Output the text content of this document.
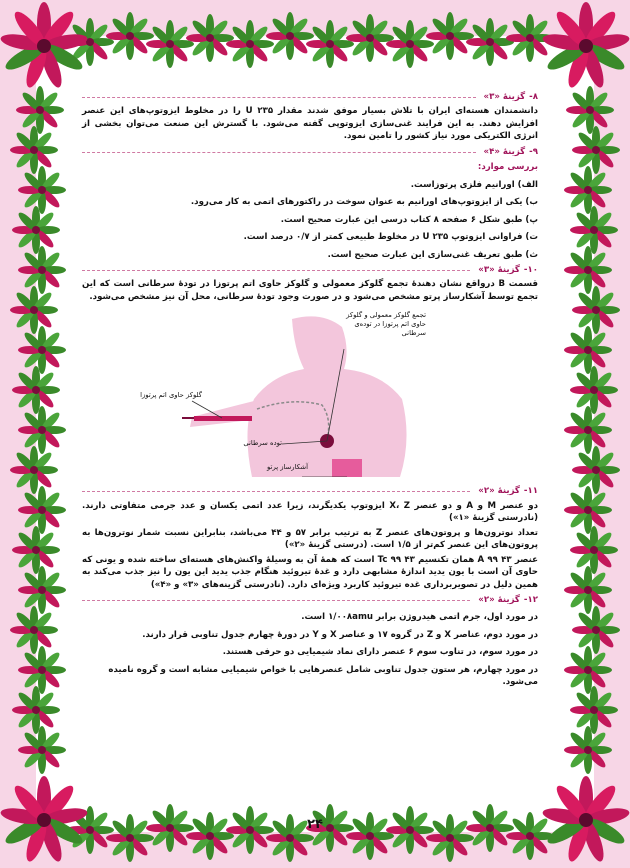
۸-
گزینهٔ «۳»
دانشمندان هسته‌ای ایران با تلاش بسیار موفق شدند مقدار U ۲۳۵ را در مخلوط ایزوتوپ‌های این عنصر افزایش دهند. به این فرایند غنی‌سازی ایزوتوپی گفته می‌شود. با گسترش این صنعت می‌توان بخشی از انرژی الکتریکی مورد نیاز کشور را تامین نمود.
۹-
گزینهٔ «۴»
بررسی موارد:
الف) اورانیم فلزی پرتوزاست.
ب) یکی از ایزوتوپ‌های اورانیم به عنوان سوخت در راکتورهای اتمی به کار می‌رود.
پ) طبق شکل ۶ صفحه ۸ کتاب درسی این عبارت صحیح است.
ت) فراوانی ایزوتوپ U ۲۳۵ در مخلوط طبیعی کمتر از ۰/۷ درصد است.
ث) طبق تعریف غنی‌سازی این عبارت صحیح است.
۱۰-
گزینهٔ «۳»
قسمت B درواقع نشان دهندهٔ تجمع گلوکز معمولی و گلوکز حاوی اتم پرتوزا در تودهٔ سرطانی است که این تجمع توسط آشکارساز پرتو مشخص می‌شود و در صورت وجود تودهٔ سرطانی، محل آن نیز مشخص می‌شود.
تجمع گلوکز معمولی و گلوکز حاوی اتم پرتوزا در توده‌ی سرطانی
گلوکز حاوی اتم پرتوزا
توده سرطانی
آشکارساز پرتو
۱۱-
گزینهٔ «۲»
دو عنصر M و A و دو عنصر X، Z ایزوتوپ یکدیگرند، زیرا عدد اتمی یکسان و عدد جرمی متفاوتی دارند. (نادرستی گزینهٔ «۱»)
تعداد نوترون‌ها و پروتون‌های عنصر Z به ترتیب برابر ۵۷ و ۴۴ می‌باشد، بنابراین نسبت شمار نوترون‌ها به پروتون‌های این عنصر کم‌تر از ۱/۵ است. (درستی گزینهٔ «۲»)
عنصر A ۹۹ ۴۳ همان تکنسیم Tc ۹۹ ۴۳ است که همهٔ آن به وسیلهٔ واکنش‌های هسته‌ای ساخته شده و یونی که حاوی آن است با یون یدید اندازهٔ مشابهی دارد و غدهٔ تیروئید هنگام جذب یدید این یون را نیز جذب می‌کند به همین دلیل در تصویربرداری غده تیروئید کاربرد ویژه‌ای دارد. (نادرستی گزینه‌های «۳» و «۴»)
۱۲-
گزینهٔ «۲»
در مورد اول، جرم اتمی هیدروژن برابر ۱/۰۰۸amu است.
در مورد دوم، عناصر X و Z در گروه ۱۷ و عناصر X و Y در دورهٔ چهارم جدول تناوبی قرار دارند.
در مورد سوم، در تناوب سوم ۶ عنصر دارای نماد شیمیایی دو حرفی هستند.
در مورد چهارم، هر ستون جدول تناوبی شامل عنصرهایی با خواص شیمیایی مشابه است و گروه نامیده می‌شود.
۲۴
